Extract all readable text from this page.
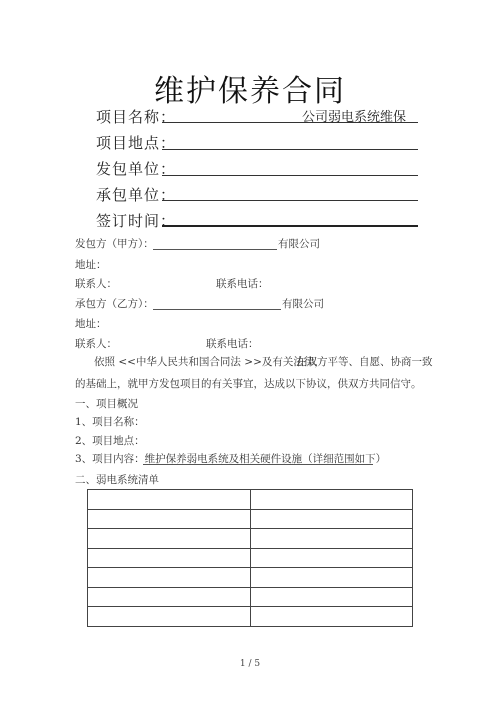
维护保养合同
项目名称：	公司弱电系统维保
项目地点：
发包单位：
承包单位：
签订时间：
发包方（甲方）：	有限公司
地址：
联系人：	联系电话：
承包方（乙方）：	有限公司
地址：
联系人：	联系电话：
依照 <<中华人民共和国合同法 >>及有关法律，
在双方平等、自愿、协商一致
的基础上，就甲方发包项目的有关事宜，达成以下协议，供双方共同信守。
一、项目概况
1、项目名称：
2、项目地点：
3、项目内容：维护保养弱电系统及相关硬件设施（详细范围如下）
二、弱电系统清单

1 / 5
